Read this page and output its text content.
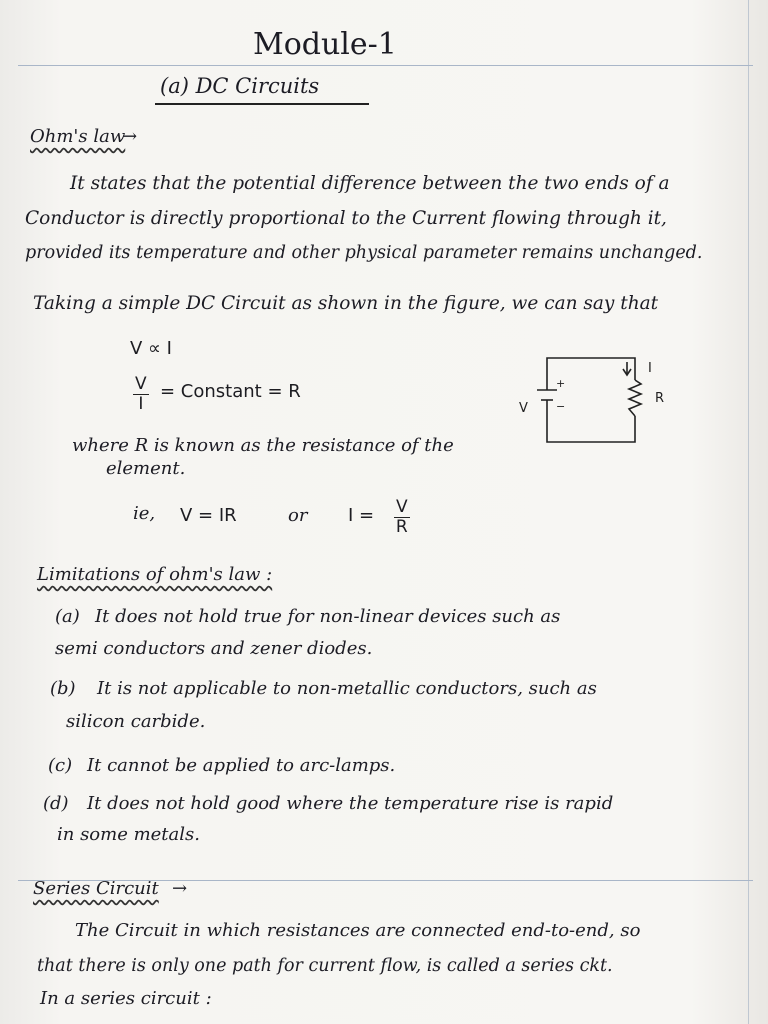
Module-1
(a) DC Circuits
Ohm's law
→
It states that the potential difference between the two ends of a
Conductor is directly proportional to the Current flowing through it,
provided its temperature and other physical parameter remains unchanged.
Taking a simple DC Circuit as shown in the figure, we can say that
V ∝ I
$\frac{V}{I}$ = Constant = R
where R is known as the resistance of the
element.
ie, V = IR	or $I = \frac{V}{R}$
+
−
V
I
R
Limitations of ohm's law :
(a) It does not hold true for non-linear devices such as
semi conductors and zener diodes.
(b) It is not applicable to non-metallic conductors, such as
silicon carbide.
(c) It cannot be applied to arc-lamps.
(d) It does not hold good where the temperature rise is rapid
in some metals.
Series Circuit →
The Circuit in which resistances are connected end-to-end, so
that there is only one path for current flow, is called a series ckt.
In a series circuit :
